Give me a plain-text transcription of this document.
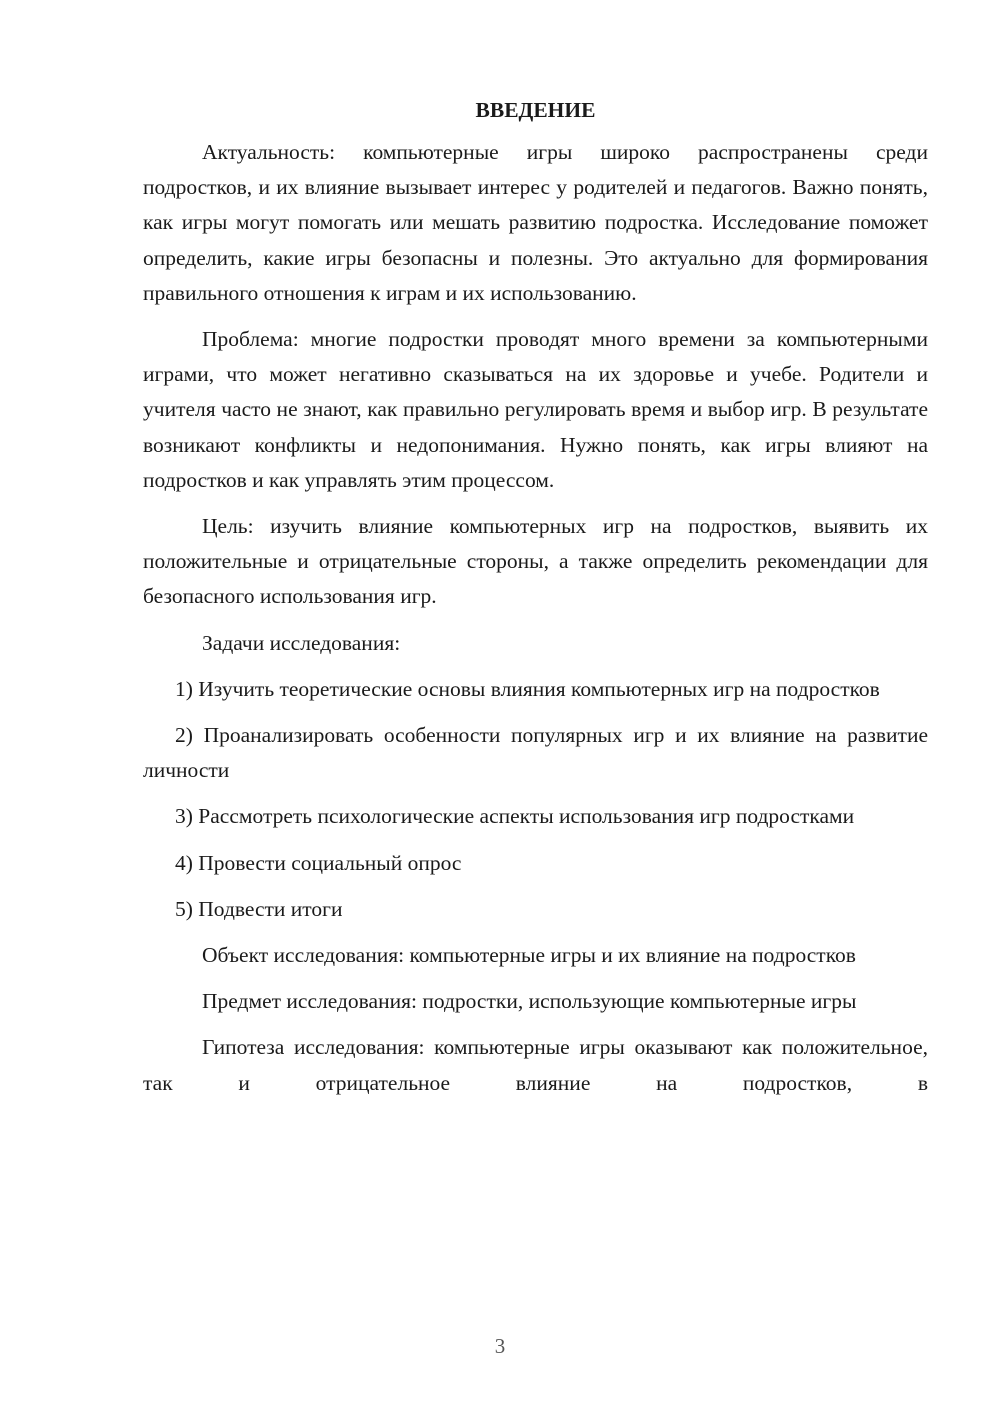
ВВЕДЕНИЕ

Актуальность: компьютерные игры широко распространены среди подростков, и их влияние вызывает интерес у родителей и педагогов. Важно понять, как игры могут помогать или мешать развитию подростка. Исследование поможет определить, какие игры безопасны и полезны. Это актуально для формирования правильного отношения к играм и их использованию.

Проблема: многие подростки проводят много времени за компьютерными играми, что может негативно сказываться на их здоровье и учебе. Родители и учителя часто не знают, как правильно регулировать время и выбор игр. В результате возникают конфликты и недопонимания. Нужно понять, как игры влияют на подростков и как управлять этим процессом.

Цель: изучить влияние компьютерных игр на подростков, выявить их положительные и отрицательные стороны, а также определить рекомендации для безопасного использования игр.

Задачи исследования:

1) Изучить теоретические основы влияния компьютерных игр на подростков

2) Проанализировать особенности популярных игр и их влияние на развитие личности

3) Рассмотреть психологические аспекты использования игр подростками

4) Провести социальный опрос

5) Подвести итоги

Объект исследования: компьютерные игры и их влияние на подростков

Предмет исследования: подростки, использующие компьютерные игры

Гипотеза исследования: компьютерные игры оказывают как положительное, так и отрицательное влияние на подростков, в

3
